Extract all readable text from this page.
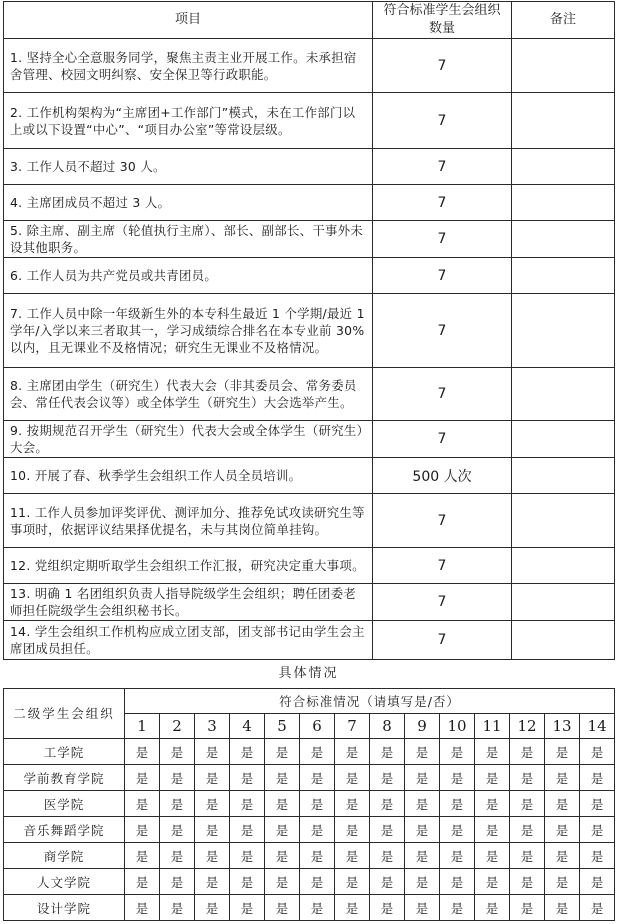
项目	符合标准学生会组织数量	备注
1. 坚持全心全意服务同学，聚焦主责主业开展工作。未承担宿舍管理、校园文明纠察、安全保卫等行政职能。	7	
2. 工作机构架构为“主席团+工作部门”模式，未在工作部门以上或以下设置“中心”、“项目办公室”等常设层级。	7	
3. 工作人员不超过 30 人。	7	
4. 主席团成员不超过 3 人。	7	
5. 除主席、副主席（轮值执行主席）、部长、副部长、干事外未设其他职务。	7	
6. 工作人员为共产党员或共青团员。	7	
7. 工作人员中除一年级新生外的本专科生最近 1 个学期/最近 1 学年/入学以来三者取其一，学习成绩综合排名在本专业前 30%以内，且无课业不及格情况；研究生无课业不及格情况。	7	
8. 主席团由学生（研究生）代表大会（非其委员会、常务委员会、常任代表会议等）或全体学生（研究生）大会选举产生。	7	
9. 按期规范召开学生（研究生）代表大会或全体学生（研究生）大会。	7	
10. 开展了春、秋季学生会组织工作人员全员培训。	500 人次	
11. 工作人员参加评奖评优、测评加分、推荐免试攻读研究生等事项时，依据评议结果择优提名，未与其岗位简单挂钩。	7	
12. 党组织定期听取学生会组织工作汇报，研究决定重大事项。	7	
13. 明确 1 名团组织负责人指导院级学生会组织；聘任团委老师担任院级学生会组织秘书长。	7	
14. 学生会组织工作机构应成立团支部，团支部书记由学生会主席团成员担任。	7	
具体情况
二级学生会组织	符合标准情况（请填写是/否）													
	1	2	3	4	5	6	7	8	9	10	11	12	13	14
工学院	是	是	是	是	是	是	是	是	是	是	是	是	是	是
学前教育学院	是	是	是	是	是	是	是	是	是	是	是	是	是	是
医学院	是	是	是	是	是	是	是	是	是	是	是	是	是	是
音乐舞蹈学院	是	是	是	是	是	是	是	是	是	是	是	是	是	是
商学院	是	是	是	是	是	是	是	是	是	是	是	是	是	是
人文学院	是	是	是	是	是	是	是	是	是	是	是	是	是	是
设计学院	是	是	是	是	是	是	是	是	是	是	是	是	是	是
